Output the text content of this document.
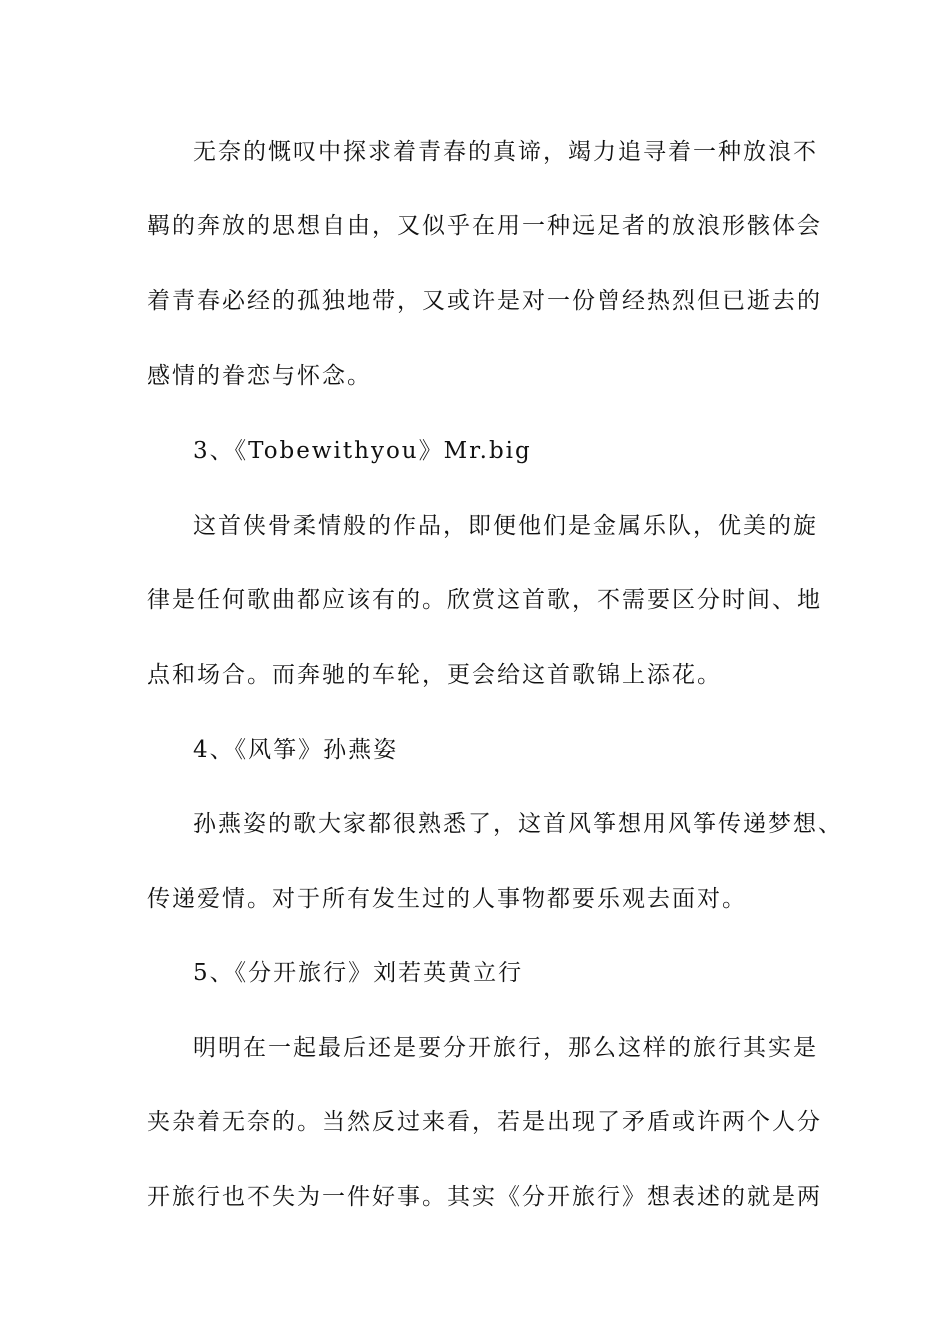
无奈的慨叹中探求着青春的真谛，竭力追寻着一种放浪不
羁的奔放的思想自由，又似乎在用一种远足者的放浪形骸体会
着青春必经的孤独地带，又或许是对一份曾经热烈但已逝去的
感情的眷恋与怀念。
3、《Tobewithyou》Mr.big
这首侠骨柔情般的作品，即便他们是金属乐队，优美的旋
律是任何歌曲都应该有的。欣赏这首歌，不需要区分时间、地
点和场合。而奔驰的车轮，更会给这首歌锦上添花。
4、《风筝》孙燕姿
孙燕姿的歌大家都很熟悉了，这首风筝想用风筝传递梦想、
传递爱情。对于所有发生过的人事物都要乐观去面对。
5、《分开旅行》刘若英黄立行
明明在一起最后还是要分开旅行，那么这样的旅行其实是
夹杂着无奈的。当然反过来看，若是出现了矛盾或许两个人分
开旅行也不失为一件好事。其实《分开旅行》想表述的就是两
